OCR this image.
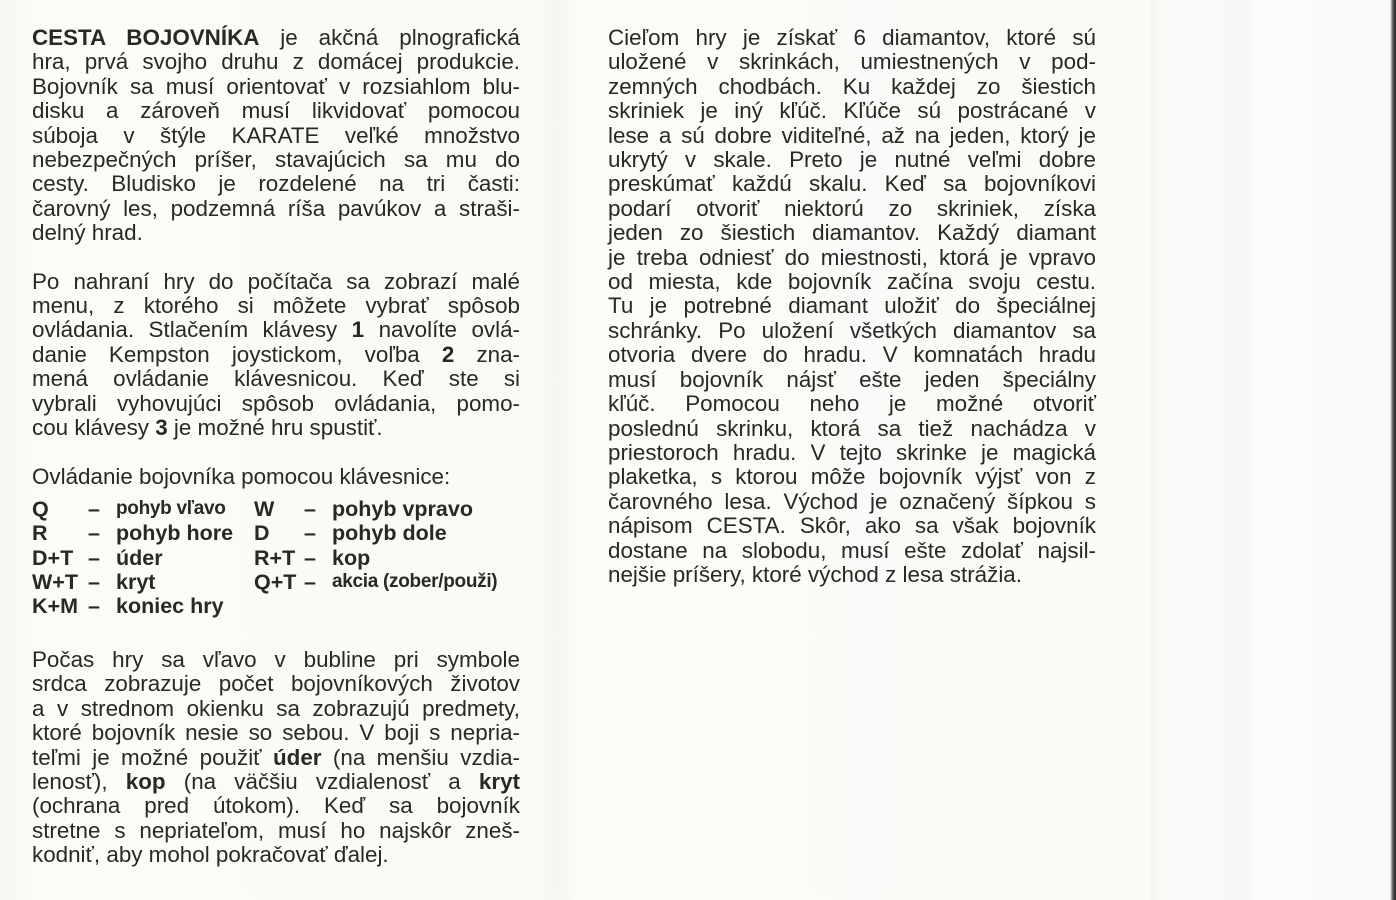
CESTA BOJOVNÍKA je akčná plnografická
hra, prvá svojho druhu z domácej produkcie.
Bojovník sa musí orientovať v rozsiahlom blu-
disku a zároveň musí likvidovať pomocou
súboja v štýle KARATE veľké množstvo
nebezpečných príšer, stavajúcich sa mu do
cesty. Bludisko je rozdelené na tri časti:
čarovný les, podzemná ríša pavúkov a straši-
delný hrad.

Po nahraní hry do počítača sa zobrazí malé
menu, z ktorého si môžete vybrať spôsob
ovládania. Stlačením klávesy 1 navolíte ovlá-
danie Kempston joystickom, voľba 2 zna-
mená ovládanie klávesnicou. Keď ste si
vybrali vyhovujúci spôsob ovládania, pomo-
cou klávesy 3 je možné hru spustiť.

Ovládanie bojovníka pomocou klávesnice:

Q	– pohyb vľavo	W	– pohyb vpravo
R	– pohyb hore D	– pohyb dole
D+T – úder	R+T – kop
W+T – kryt	Q+T – akcia (zober/použi)
K+M – koniec hry

Počas hry sa vľavo v bubline pri symbole
srdca zobrazuje počet bojovníkových životov
a v strednom okienku sa zobrazujú predmety,
ktoré bojovník nesie so sebou. V boji s nepria-
teľmi je možné použiť úder (na menšiu vzdia-
lenosť), kop (na väčšiu vzdialenosť a kryt
(ochrana pred útokom). Keď sa bojovník
stretne s nepriateľom, musí ho najskôr zneš-
kodniť, aby mohol pokračovať ďalej.

Cieľom hry je získať 6 diamantov, ktoré sú
uložené v skrinkách, umiestnených v pod-
zemných chodbách. Ku každej zo šiestich
skriniek je iný kľúč. Kľúče sú postrácané v
lese a sú dobre viditeľné, až na jeden, ktorý je
ukrytý v skale. Preto je nutné veľmi dobre
preskúmať každú skalu. Keď sa bojovníkovi
podarí otvoriť niektorú zo skriniek, získa
jeden zo šiestich diamantov. Každý diamant
je treba odniesť do miestnosti, ktorá je vpravo
od miesta, kde bojovník začína svoju cestu.
Tu je potrebné diamant uložiť do špeciálnej
schránky. Po uložení všetkých diamantov sa
otvoria dvere do hradu. V komnatách hradu
musí bojovník nájsť ešte jeden špeciálny
kľúč. Pomocou neho je možné otvoriť
poslednú skrinku, ktorá sa tiež nachádza v
priestoroch hradu. V tejto skrinke je magická
plaketka, s ktorou môže bojovník výjsť von z
čarovného lesa. Východ je označený šípkou s
nápisom CESTA. Skôr, ako sa však bojovník
dostane na slobodu, musí ešte zdolať najsil-
nejšie príšery, ktoré východ z lesa strážia.
